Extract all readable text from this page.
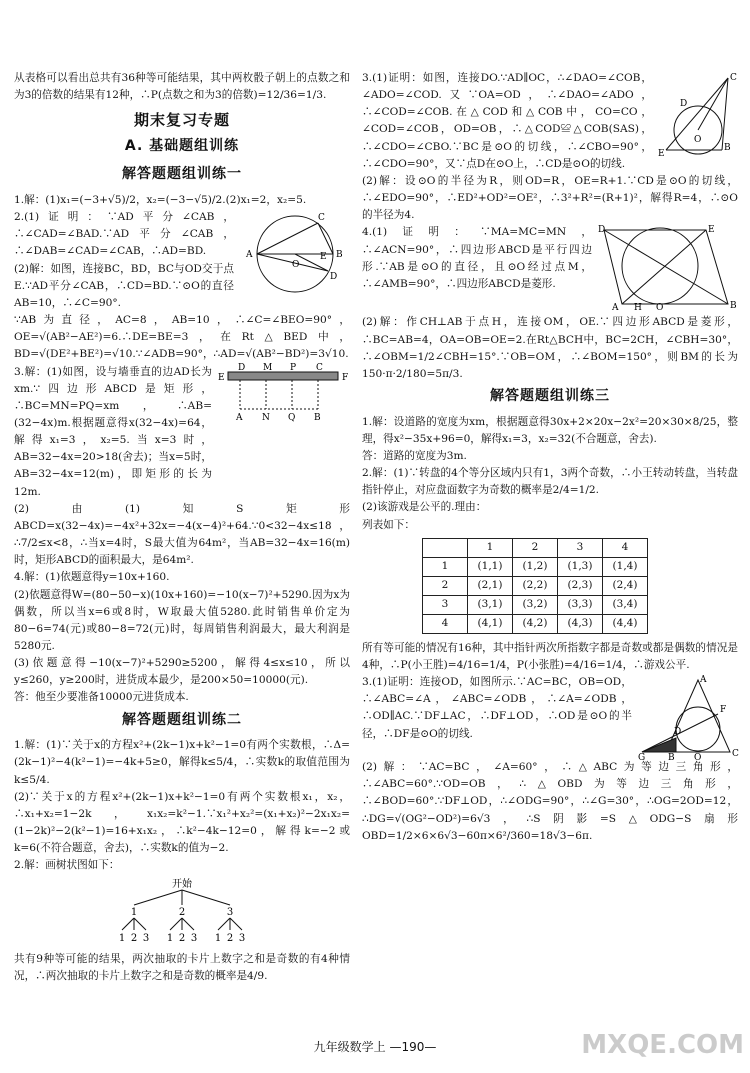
从表格可以看出总共有36种等可能结果，其中两枚骰子朝上的点数之和为3的倍数的结果有12种，∴P(点数之和为3的倍数)=12/36=1/3.

期末复习专题
A. 基础题组训练
解答题题组训练一

1.解：(1)x₁=(−3+√5)/2，x₂=(−3−√5)/2.(2)x₁=2，x₂=5.

2.(1)证明：∵AD平分∠CAB，∴∠CAD=∠BAD.∵AD平分∠CAB，∴∠DAB=∠CAD=∠CAB，∴AD=BD.

(2)解：如图，连接BC，BD，BC与OD交于点E.∵AD平分∠CAB，∴CD=BD.∵⊙O的直径AB=10，∴∠C=90°.

A	B
C
D
O
E

∵AB为直径，AC=8，AB=10，∴∠C=∠BEO=90°，OE=√(AB²−AE²)=6.∴DE=BE=3，在Rt△BED中，BD=√(DE²+BE²)=√10.∵∠ADB=90°，∴AD=√(AB²−BD²)=3√10.

3.解：(1)如图，设与墙垂直的边AD长为xm.∵四边形ABCD是矩形，∴BC=MN=PQ=xm，∴AB=(32−4x)m.根据题意得x(32−4x)=64，解得x₁=3，x₂=5.当x=3时，AB=32−4x=20>18(舍去)；当x=5时，AB=32−4x=12(m)，即矩形的长为12m.

E	F
D M P C
A N Q B

(2)由(1)知S矩形ABCD=x(32−4x)=−4x²+32x=−4(x−4)²+64.∵0<32−4x≤18，∴7/2≤x<8，∴当x=4时，S最大值为64m²，当AB=32−4x=16(m)时，矩形ABCD的面积最大，是64m².

4.解：(1)依题意得y=10x+160.

(2)依题意得W=(80−50−x)(10x+160)=−10(x−7)²+5290.因为x为偶数，所以当x=6或8时，W取最大值5280.此时销售单价定为80−6=74(元)或80−8=72(元)时，每周销售利润最大，最大利润是5280元.

(3)依题意得−10(x−7)²+5290≥5200，解得4≤x≤10，所以y≤260，y≥200时，进货成本最少，是200×50=10000(元).

答：他至少要准备10000元进货成本.

解答题题组训练二

1.解：(1)∵关于x的方程x²+(2k−1)x+k²−1=0有两个实数根，∴Δ=(2k−1)²−4(k²−1)=−4k+5≥0，解得k≤5/4，∴实数k的取值范围为k≤5/4.

(2)∵关于x的方程x²+(2k−1)x+k²−1=0有两个实数根x₁，x₂，∴x₁+x₂=1−2k，x₁x₂=k²−1.∵x₁²+x₂²=(x₁+x₂)²−2x₁x₂=(1−2k)²−2(k²−1)=16+x₁x₂，∴k²−4k−12=0，解得k=−2或k=6(不符合题意，舍去)，∴实数k的值为−2.

2.解：画树状图如下：

开始
1	2	3
1 2 3 1 2 3 1 2 3

共有9种等可能的结果，两次抽取的卡片上数字之和是奇数的有4种情况，∴两次抽取的卡片上数字之和是奇数的概率是4/9.

3.(1)证明：如图，连接DO.∵AD∥OC，∴∠DAO=∠COB，∠ADO=∠COD.又∵OA=OD，∴∠DAO=∠ADO，∴∠COD=∠COB.在△COD和△COB中，CO=CO，∠COD=∠COB，OD=OB，∴△COD≌△COB(SAS)，∴∠CDO=∠CBO.∵BC是⊙O的切线，∴∠CBO=90°，∴∠CDO=90°，又∵点D在⊙O上，∴CD是⊙O的切线.

C
B
E
O
D

(2)解：设⊙O的半径为R，则OD=R，OE=R+1.∵CD是⊙O的切线，∴∠EDO=90°，∴ED²+OD²=OE²，∴3²+R²=(R+1)²，解得R=4，∴⊙O的半径为4.

4.(1)证明：∵MA=MC=MN，∴∠ACN=90°，∴四边形ABCD是平行四边形.∵AB是⊙O的直径，且⊙O经过点M，∴∠AMB=90°，∴四边形ABCD是菱形.

D	E
B
A	O
H

(2)解：作CH⊥AB于点H，连接OM，OE.∵四边形ABCD是菱形，∴BC=AB=4，OA=OB=OE=2.在Rt△BCH中，BC=2CH，∠CBH=30°，∴∠OBM=1/2∠CBH=15°.∵OB=OM，∴∠BOM=150°，则BM的长为150·π·2/180=5π/3.

解答题题组训练三

1.解：设道路的宽度为xm，根据题意得30x+2×20x−2x²=20×30×8/25，整理，得x²−35x+96=0，解得x₁=3，x₂=32(不合题意，舍去).

答：道路的宽度为3m.

2.解：(1)∵转盘的4个等分区域内只有1，3两个奇数，∴小王转动转盘，当转盘指针停止，对应盘面数字为奇数的概率是2/4=1/2.

(2)该游戏是公平的.理由：

列表如下：

	1	2	3	4
1	(1,1)	(1,2)	(1,3)	(1,4)
2	(2,1)	(2,2)	(2,3)	(2,4)
3	(3,1)	(3,2)	(3,3)	(3,4)
4	(4,1)	(4,2)	(4,3)	(4,4)

所有等可能的情况有16种，其中指针两次所指数字都是奇数或都是偶数的情况是4种，∴P(小王胜)=4/16=1/4，P(小张胜)=4/16=1/4，∴游戏公平.

3.(1)证明：连接OD，如图所示.∵AC=BC，OB=OD，∴∠ABC=∠A，∠ABC=∠ODB，∴∠A=∠ODB，∴OD∥AC.∵DF⊥AC，∴DF⊥OD，∴OD是⊙O的半径，∴DF是⊙O的切线.

A
C
G	B O
F
D

(2)解：∵AC=BC，∠A=60°，∴△ABC为等边三角形，∴∠ABC=60°.∵OD=OB，∴△OBD为等边三角形，∴∠BOD=60°.∵DF⊥OD，∴∠ODG=90°，∴∠G=30°，∴OG=2OD=12，∴DG=√(OG²−OD²)=6√3，∴S阴影=S△ODG−S扇形OBD=1/2×6×6√3−60π×6²/360=18√3−6π.

九年级数学上 —190—	MXQE.COM
